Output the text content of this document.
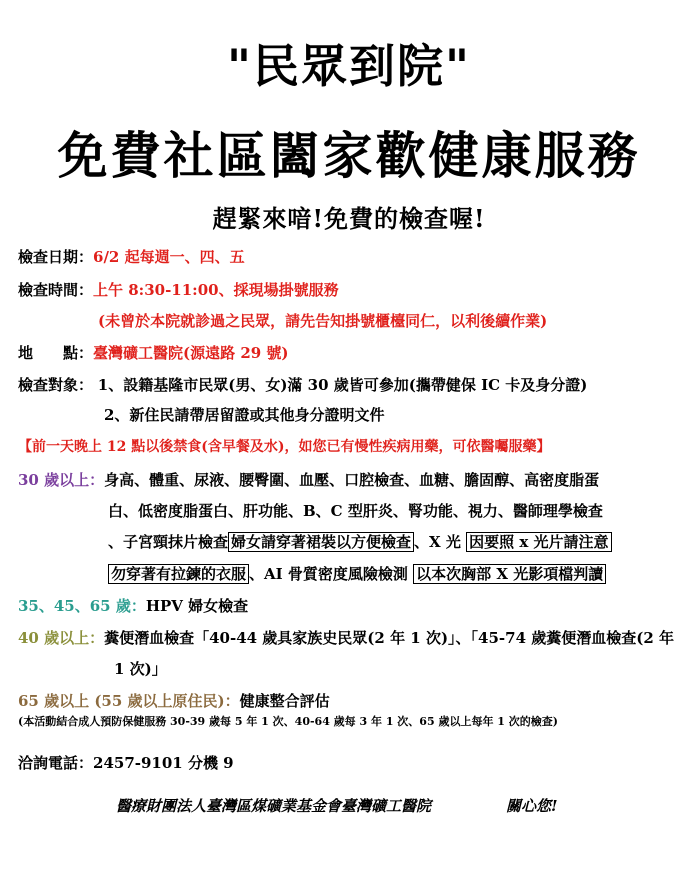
"民眾到院"
免費社區闔家歡健康服務
趕緊來喑!免費的檢查喔!
檢查日期：6/2 起每週一、四、五
檢查時間：上午 8:30-11:00、採現場掛號服務
(未曾於本院就診過之民眾，請先告知掛號櫃檯同仁，以利後續作業)
地　　點：臺灣礦工醫院(源遠路 29 號)
檢查對象： 1、設籍基隆市民眾(男、女)滿 30 歲皆可參加(攜帶健保 IC 卡及身分證)
2、新住民請帶居留證或其他身分證明文件
【前一天晚上 12 點以後禁食(含早餐及水)，如您已有慢性疾病用藥，可依醫囑服藥】
30 歲以上：身高、體重、尿液、腰臀圍、血壓、口腔檢查、血糖、膽固醇、高密度脂蛋
白、低密度脂蛋白、肝功能、B、C 型肝炎、腎功能、視力、醫師理學檢查
、子宮頸抹片檢查 婦女請穿著裙裝以方便檢查 、X 光 因要照 x 光片請注意
勿穿著有拉鍊的衣服 、AI 骨質密度風險檢測 以本次胸部 X 光影項檔判讀
35、45、65 歲：HPV 婦女檢查
40 歲以上：糞便潛血檢查「40-44 歲具家族史民眾(2 年 1 次)」、「45-74 歲糞便潛血檢查(2 年
1 次)」
65 歲以上 (55 歲以上原住民)：健康整合評估
(本活動結合成人預防保健服務 30-39 歲每 5 年 1 次、40-64 歲每 3 年 1 次、65 歲以上每年 1 次的檢查)
洽詢電話：2457-9101 分機 9
醫療財團法人臺灣區煤礦業基金會臺灣礦工醫院	關心您!
